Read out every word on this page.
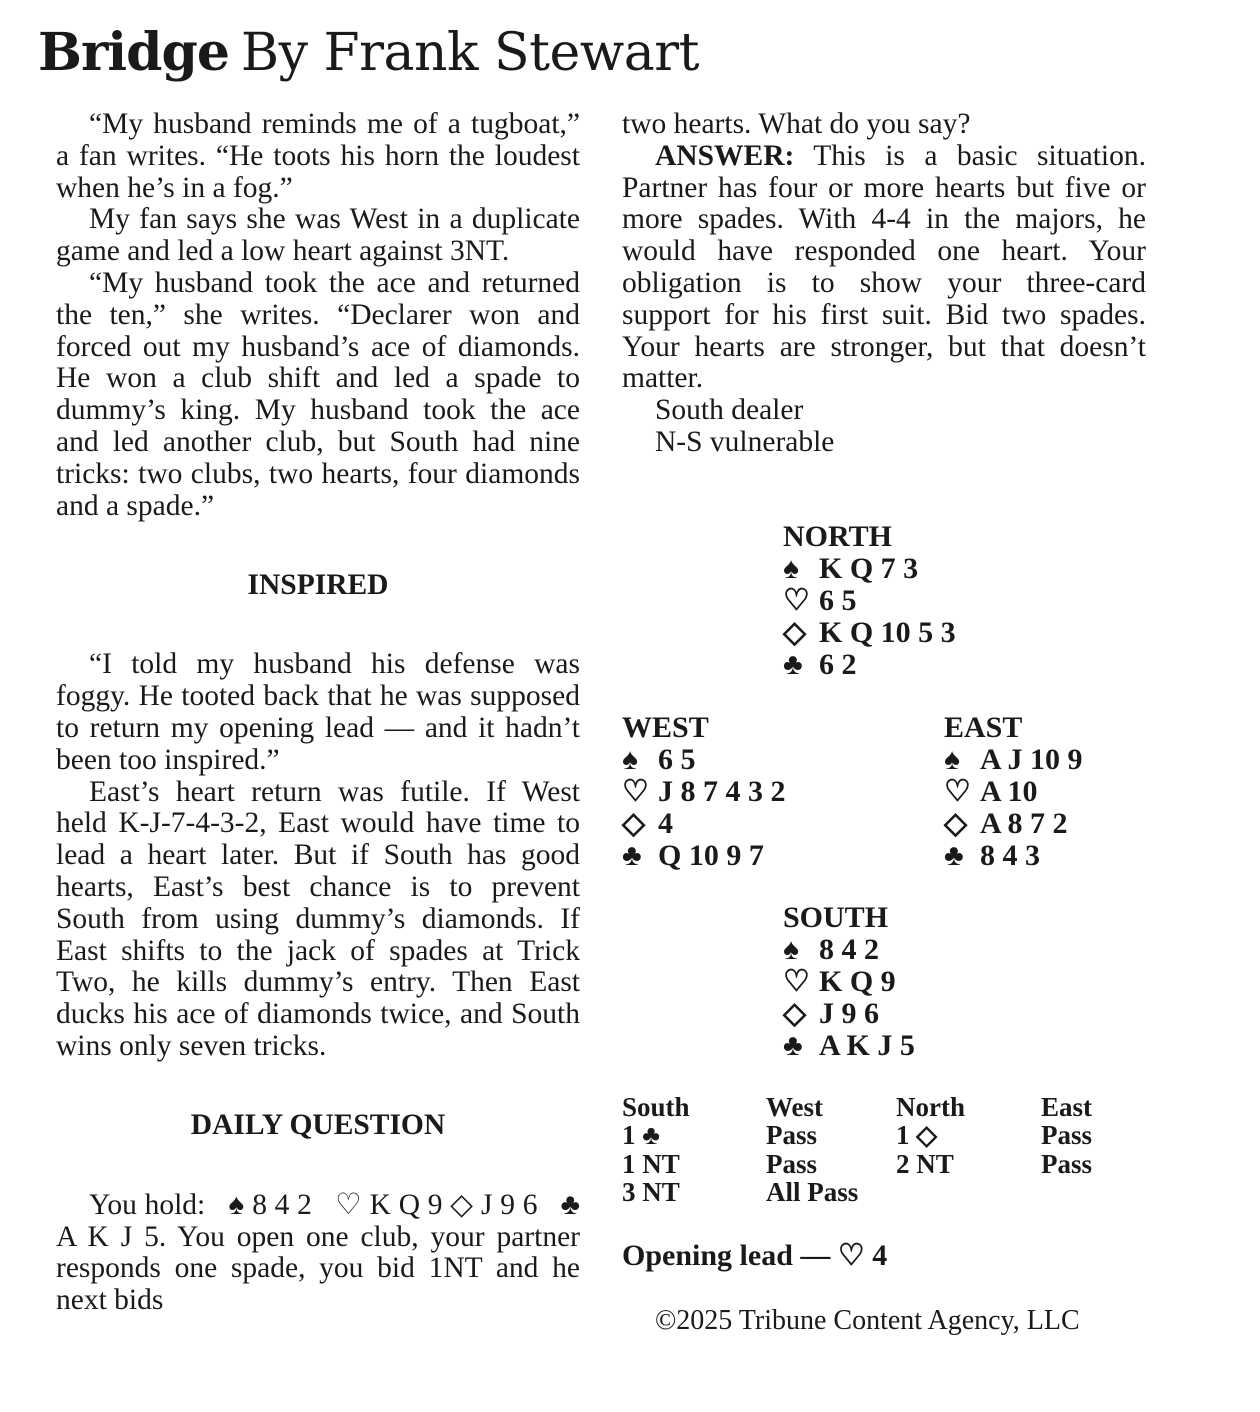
Bridge By Frank Stewart

“My husband reminds me of a tugboat,” a fan writes. “He toots his horn the loudest when he’s in a fog.”

My fan says she was West in a duplicate game and led a low heart against 3NT.

“My husband took the ace and returned the ten,” she writes. “Declarer won and forced out my husband’s ace of diamonds. He won a club shift and led a spade to dummy’s king. My husband took the ace and led another club, but South had nine tricks: two clubs, two hearts, four diamonds and a spade.”

INSPIRED

“I told my husband his defense was foggy. He tooted back that he was supposed to return my opening lead — and it hadn’t been too inspired.”

East’s heart return was futile. If West held K-J-7-4-3-2, East would have time to lead a heart later. But if South has good hearts, East’s best chance is to prevent South from using dummy’s diamonds. If East shifts to the jack of spades at Trick Two, he kills dummy’s entry. Then East ducks his ace of diamonds twice, and South wins only seven tricks.

DAILY QUESTION

You hold: ♠ 8 4 2 ♡ K Q 9 ◇ J 9 6 ♣ A K J 5. You open one club, your partner responds one spade, you bid 1NT and he next bids

two hearts. What do you say?

ANSWER: This is a basic situation. Partner has four or more hearts but five or more spades. With 4-4 in the majors, he would have responded one heart. Your obligation is to show your three-card support for his first suit. Bid two spades. Your hearts are stronger, but that doesn’t matter.

South dealer

N-S vulnerable

NORTH
♠ K Q 7 3
♡ 6 5
◇ K Q 10 5 3
♣ 6 2
WEST
♠ 6 5
♡ J 8 7 4 3 2
◇ 4
♣ Q 10 9 7
EAST
♠ A J 10 9
♡ A 10
◇ A 8 7 2
♣ 8 4 3
SOUTH
♠ 8 4 2
♡ K Q 9
◇ J 9 6
♣ A K J 5
South	West	North	East
1 ♣	Pass	1 ◇	Pass
1 NT	Pass	2 NT	Pass
3 NT	All Pass		
Opening lead — ♡ 4
©2025 Tribune Content Agency, LLC
